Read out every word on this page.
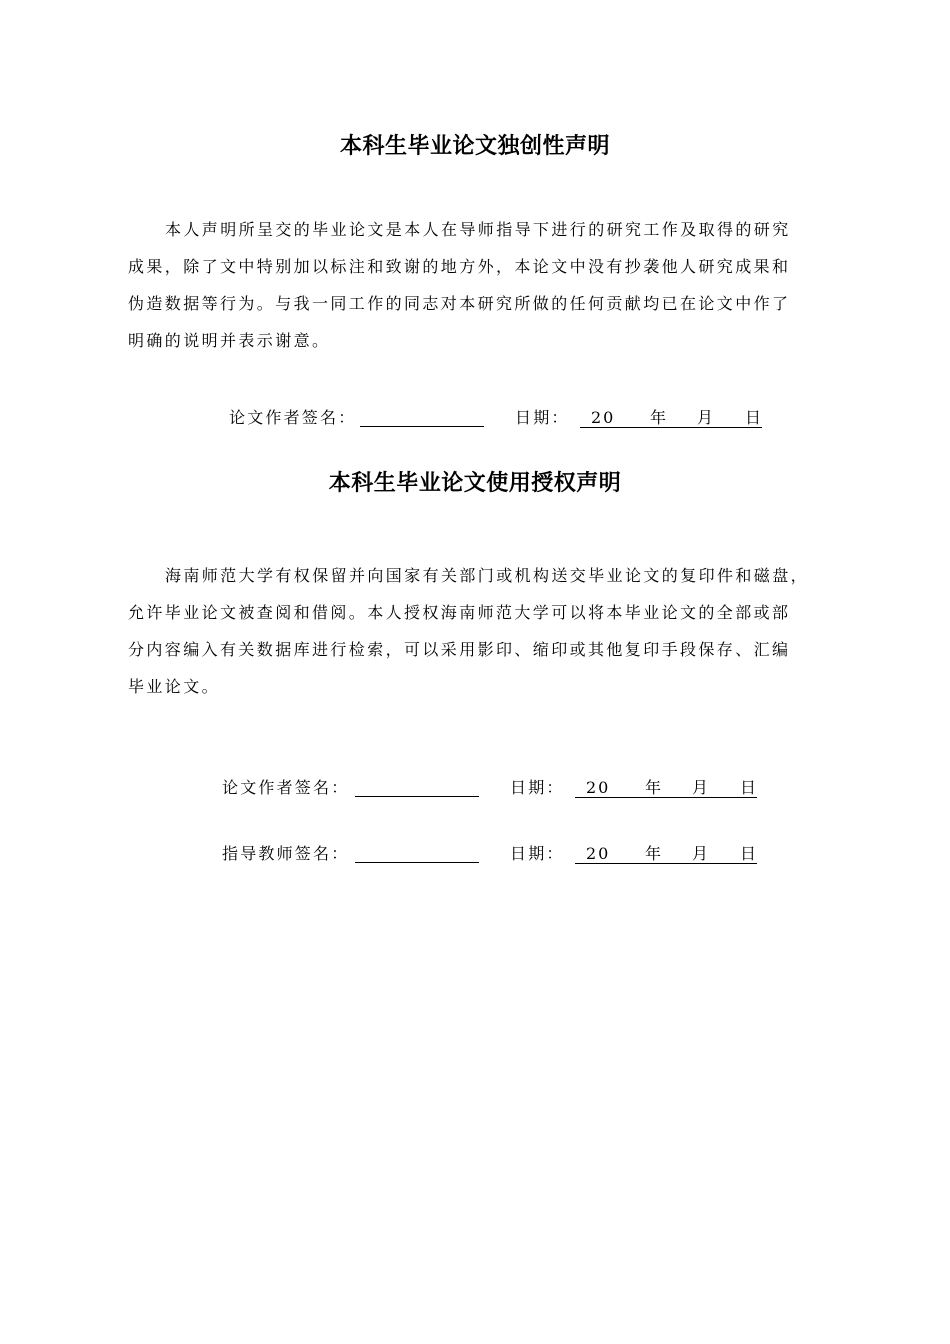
本科生毕业论文独创性声明
本人声明所呈交的毕业论文是本人在导师指导下进行的研究工作及取得的研究
成果，除了文中特别加以标注和致谢的地方外，本论文中没有抄袭他人研究成果和
伪造数据等行为。与我一同工作的同志对本研究所做的任何贡献均已在论文中作了
明确的说明并表示谢意。
论文作者签名：	日期： 20 年 月 日
本科生毕业论文使用授权声明
海南师范大学有权保留并向国家有关部门或机构送交毕业论文的复印件和磁盘，
允许毕业论文被查阅和借阅。本人授权海南师范大学可以将本毕业论文的全部或部
分内容编入有关数据库进行检索，可以采用影印、缩印或其他复印手段保存、汇编
毕业论文。
论文作者签名：	日期： 20 年 月 日
指导教师签名：	日期： 20 年 月 日
